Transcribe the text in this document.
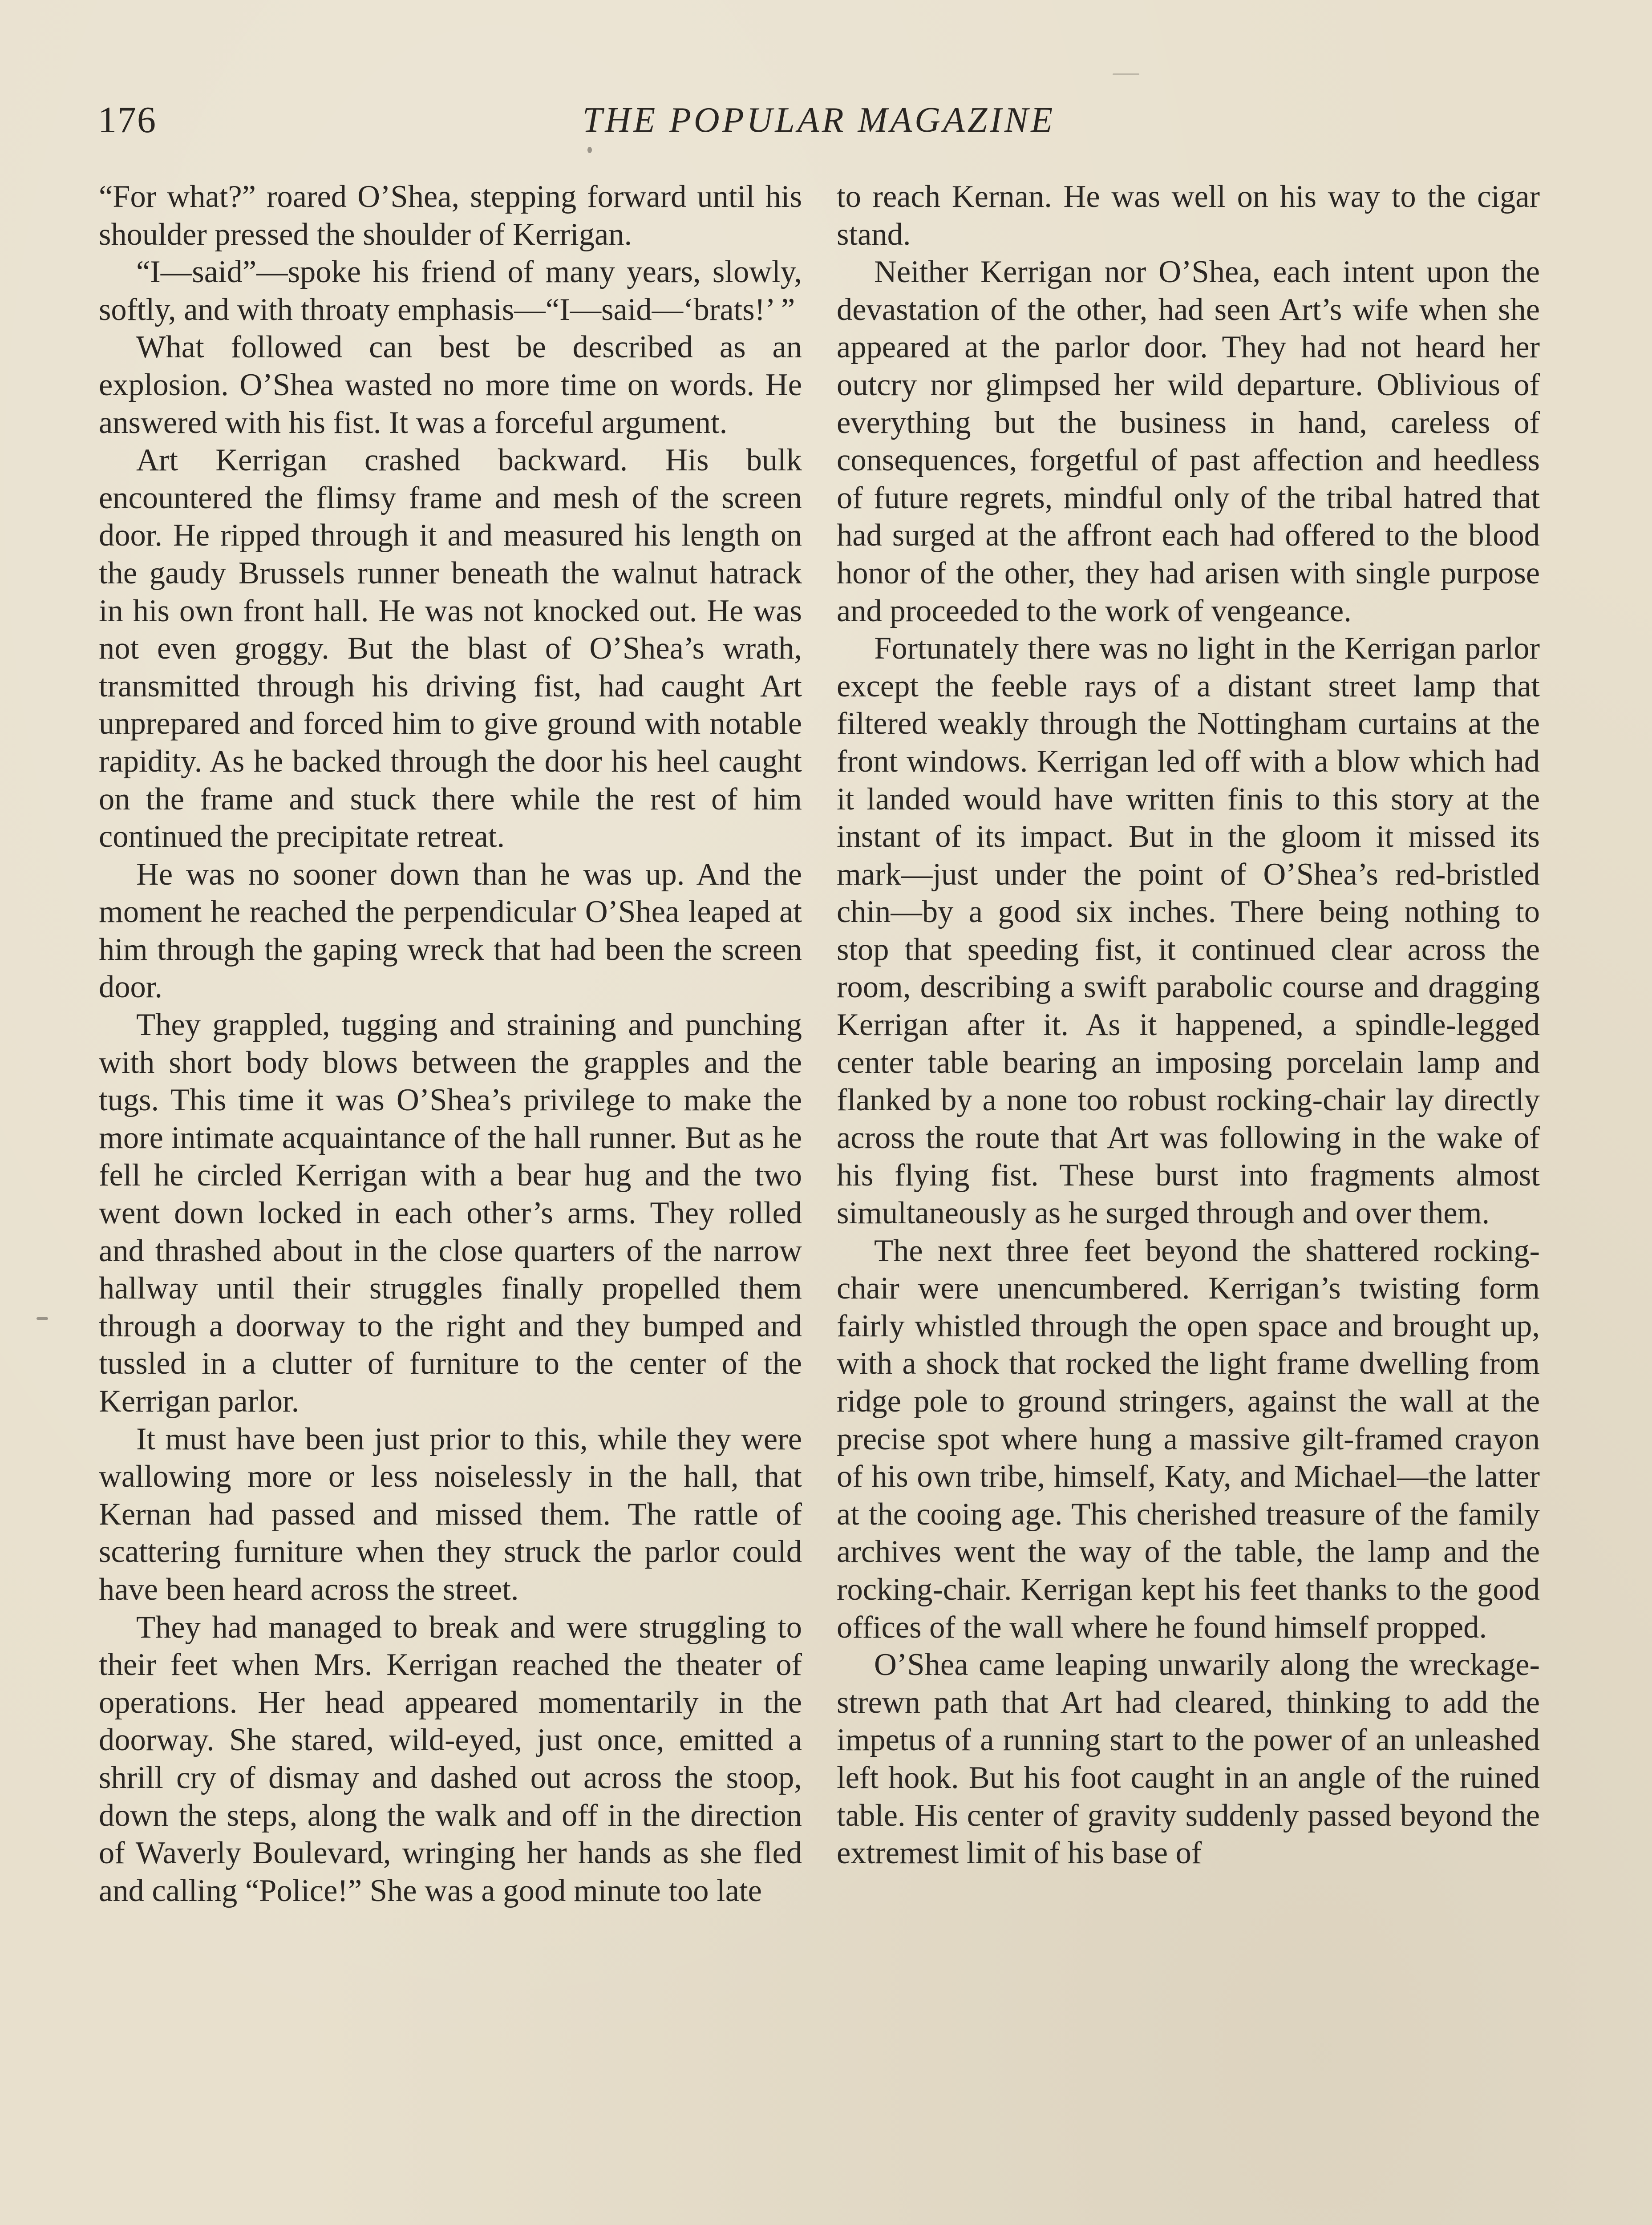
176	THE POPULAR MAGAZINE

“For what?” roared O’Shea, stepping forward until his shoulder pressed the shoulder of Kerrigan.

“I—said”—spoke his friend of many years, slowly, softly, and with throaty emphasis—“I—said—‘brats!’ ”

What followed can best be described as an explosion. O’Shea wasted no more time on words. He answered with his fist. It was a forceful argument.

Art Kerrigan crashed backward. His bulk encountered the flimsy frame and mesh of the screen door. He ripped through it and measured his length on the gaudy Brussels runner beneath the walnut hatrack in his own front hall. He was not knocked out. He was not even groggy. But the blast of O’Shea’s wrath, transmitted through his driving fist, had caught Art unprepared and forced him to give ground with notable rapidity. As he backed through the door his heel caught on the frame and stuck there while the rest of him continued the precipitate retreat.

He was no sooner down than he was up. And the moment he reached the perpendicular O’Shea leaped at him through the gaping wreck that had been the screen door.

They grappled, tugging and straining and punching with short body blows between the grapples and the tugs. This time it was O’Shea’s privilege to make the more intimate acquaintance of the hall runner. But as he fell he circled Kerrigan with a bear hug and the two went down locked in each other’s arms. They rolled and thrashed about in the close quarters of the narrow hallway until their struggles finally propelled them through a doorway to the right and they bumped and tussled in a clutter of furniture to the center of the Kerrigan parlor.

It must have been just prior to this, while they were wallowing more or less noiselessly in the hall, that Kernan had passed and missed them. The rattle of scattering furniture when they struck the parlor could have been heard across the street.

They had managed to break and were struggling to their feet when Mrs. Kerrigan reached the theater of operations. Her head appeared momentarily in the doorway. She stared, wild-eyed, just once, emitted a shrill cry of dismay and dashed out across the stoop, down the steps, along the walk and off in the direction of Waverly Boulevard, wringing her hands as she fled and calling “Police!” She was a good minute too late

to reach Kernan. He was well on his way to the cigar stand.

Neither Kerrigan nor O’Shea, each intent upon the devastation of the other, had seen Art’s wife when she appeared at the parlor door. They had not heard her outcry nor glimpsed her wild departure. Oblivious of everything but the business in hand, careless of consequences, forgetful of past affection and heedless of future regrets, mindful only of the tribal hatred that had surged at the affront each had offered to the blood honor of the other, they had arisen with single purpose and proceeded to the work of vengeance.

Fortunately there was no light in the Kerrigan parlor except the feeble rays of a distant street lamp that filtered weakly through the Nottingham curtains at the front windows. Kerrigan led off with a blow which had it landed would have written finis to this story at the instant of its impact. But in the gloom it missed its mark—just under the point of O’Shea’s red-bristled chin—by a good six inches. There being nothing to stop that speeding fist, it continued clear across the room, describing a swift parabolic course and dragging Kerrigan after it. As it happened, a spindle-legged center table bearing an imposing porcelain lamp and flanked by a none too robust rocking-chair lay directly across the route that Art was following in the wake of his flying fist. These burst into fragments almost simultaneously as he surged through and over them.

The next three feet beyond the shattered rocking-chair were unencumbered. Kerrigan’s twisting form fairly whistled through the open space and brought up, with a shock that rocked the light frame dwelling from ridge pole to ground stringers, against the wall at the precise spot where hung a massive gilt-framed crayon of his own tribe, himself, Katy, and Michael—the latter at the cooing age. This cherished treasure of the family archives went the way of the table, the lamp and the rocking-chair. Kerrigan kept his feet thanks to the good offices of the wall where he found himself propped.

O’Shea came leaping unwarily along the wreckage-strewn path that Art had cleared, thinking to add the impetus of a running start to the power of an unleashed left hook. But his foot caught in an angle of the ruined table. His center of gravity suddenly passed beyond the extremest limit of his base of
